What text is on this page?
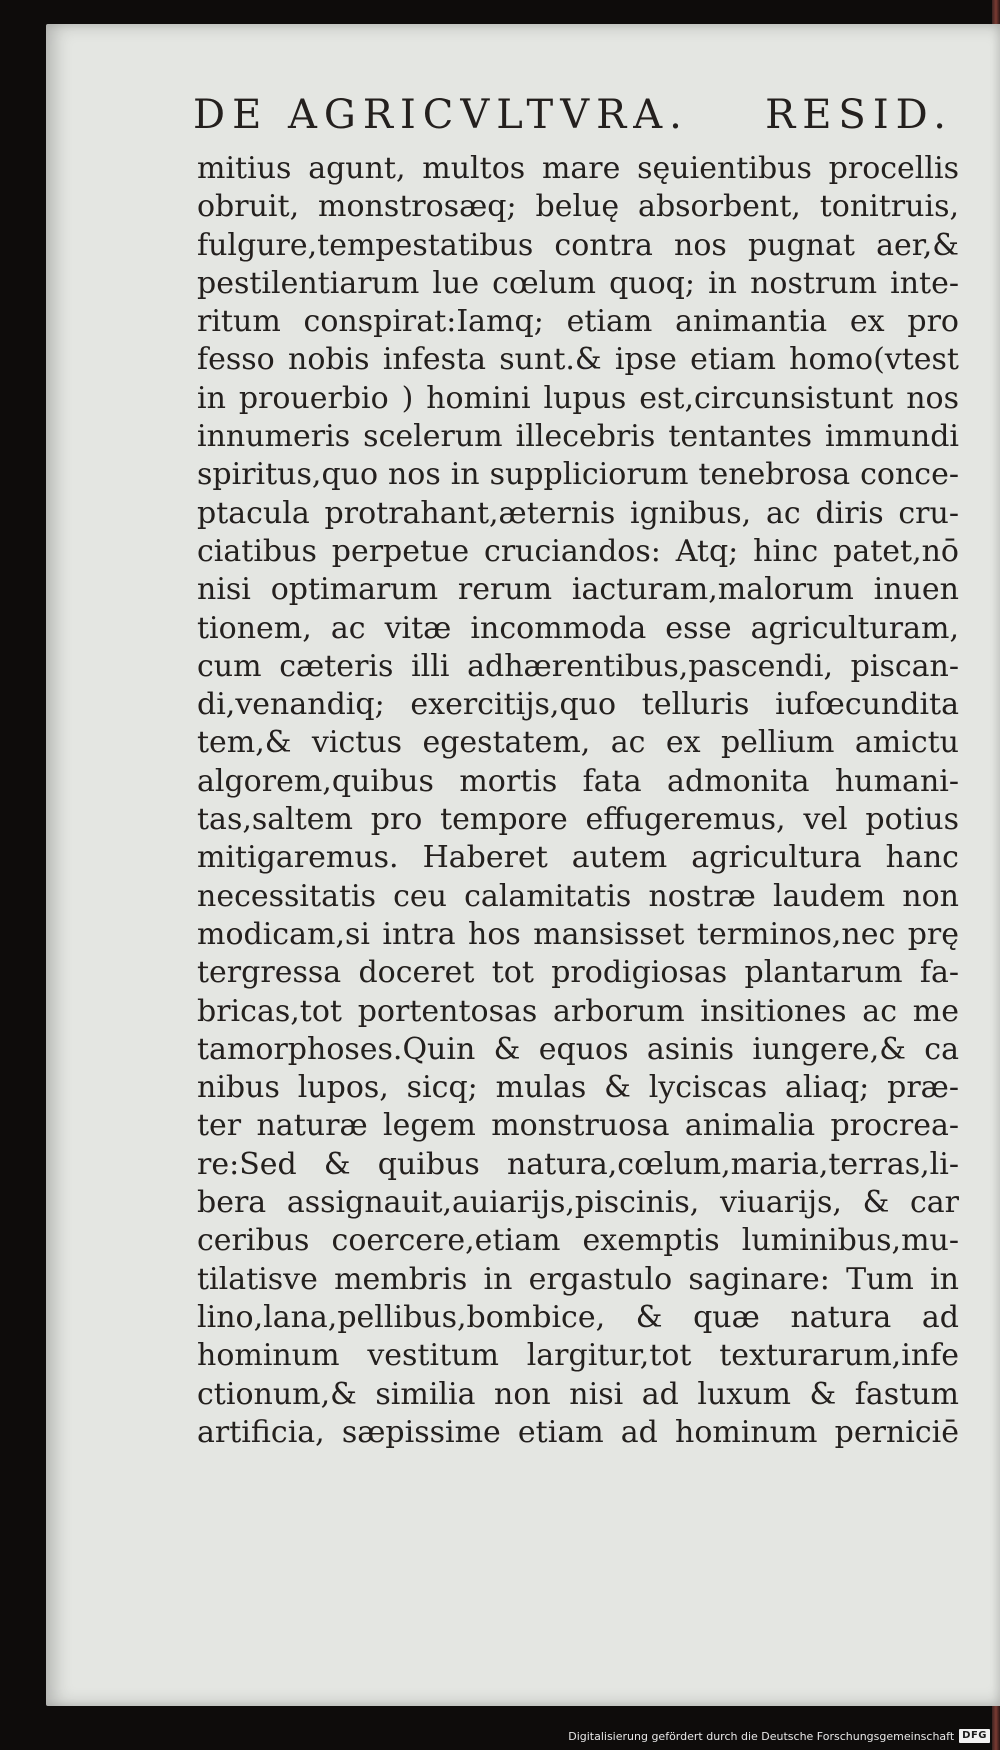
DE AGRICVLTVRA. RESID.
mitius agunt, multos mare sęuientibus procellis
obruit, monstrosæq; beluę absorbent, tonitruis,
fulgure,tempestatibus contra nos pugnat aer,&
pestilentiarum lue cœlum quoq; in nostrum inte-
ritum conspirat:Iamq; etiam animantia ex pro
fesso nobis infesta sunt.& ipse etiam homo(vtest
in prouerbio ) homini lupus est,circunsistunt nos
innumeris scelerum illecebris tentantes immundi
spiritus,quo nos in suppliciorum tenebrosa conce-
ptacula protrahant,æternis ignibus, ac diris cru-
ciatibus perpetue cruciandos: Atq; hinc patet,nō
nisi optimarum rerum iacturam,malorum inuen
tionem, ac vitæ incommoda esse agriculturam,
cum cæteris illi adhærentibus,pascendi, piscan-
di,venandiq; exercitijs,quo telluris iufœcundita
tem,& victus egestatem, ac ex pellium amictu
algorem,quibus mortis fata admonita humani-
tas,saltem pro tempore effugeremus, vel potius
mitigaremus. Haberet autem agricultura hanc
necessitatis ceu calamitatis nostræ laudem non
modicam,si intra hos mansisset terminos,nec prę
tergressa doceret tot prodigiosas plantarum fa-
bricas,tot portentosas arborum insitiones ac me
tamorphoses.Quin & equos asinis iungere,& ca
nibus lupos, sicq; mulas & lyciscas aliaq; præ-
ter naturæ legem monstruosa animalia procrea-
re:Sed & quibus natura,cœlum,maria,terras,li-
bera assignauit,auiarijs,piscinis, viuarijs, & car
ceribus coercere,etiam exemptis luminibus,mu-
tilatisve membris in ergastulo saginare: Tum in
lino,lana,pellibus,bombice, & quæ natura ad
hominum vestitum largitur,tot texturarum,infe
ctionum,& similia non nisi ad luxum & fastum
artificia, sæpissime etiam ad hominum perniciē
Digitalisierung gefördert durch die Deutsche Forschungsgemeinschaft DFG
